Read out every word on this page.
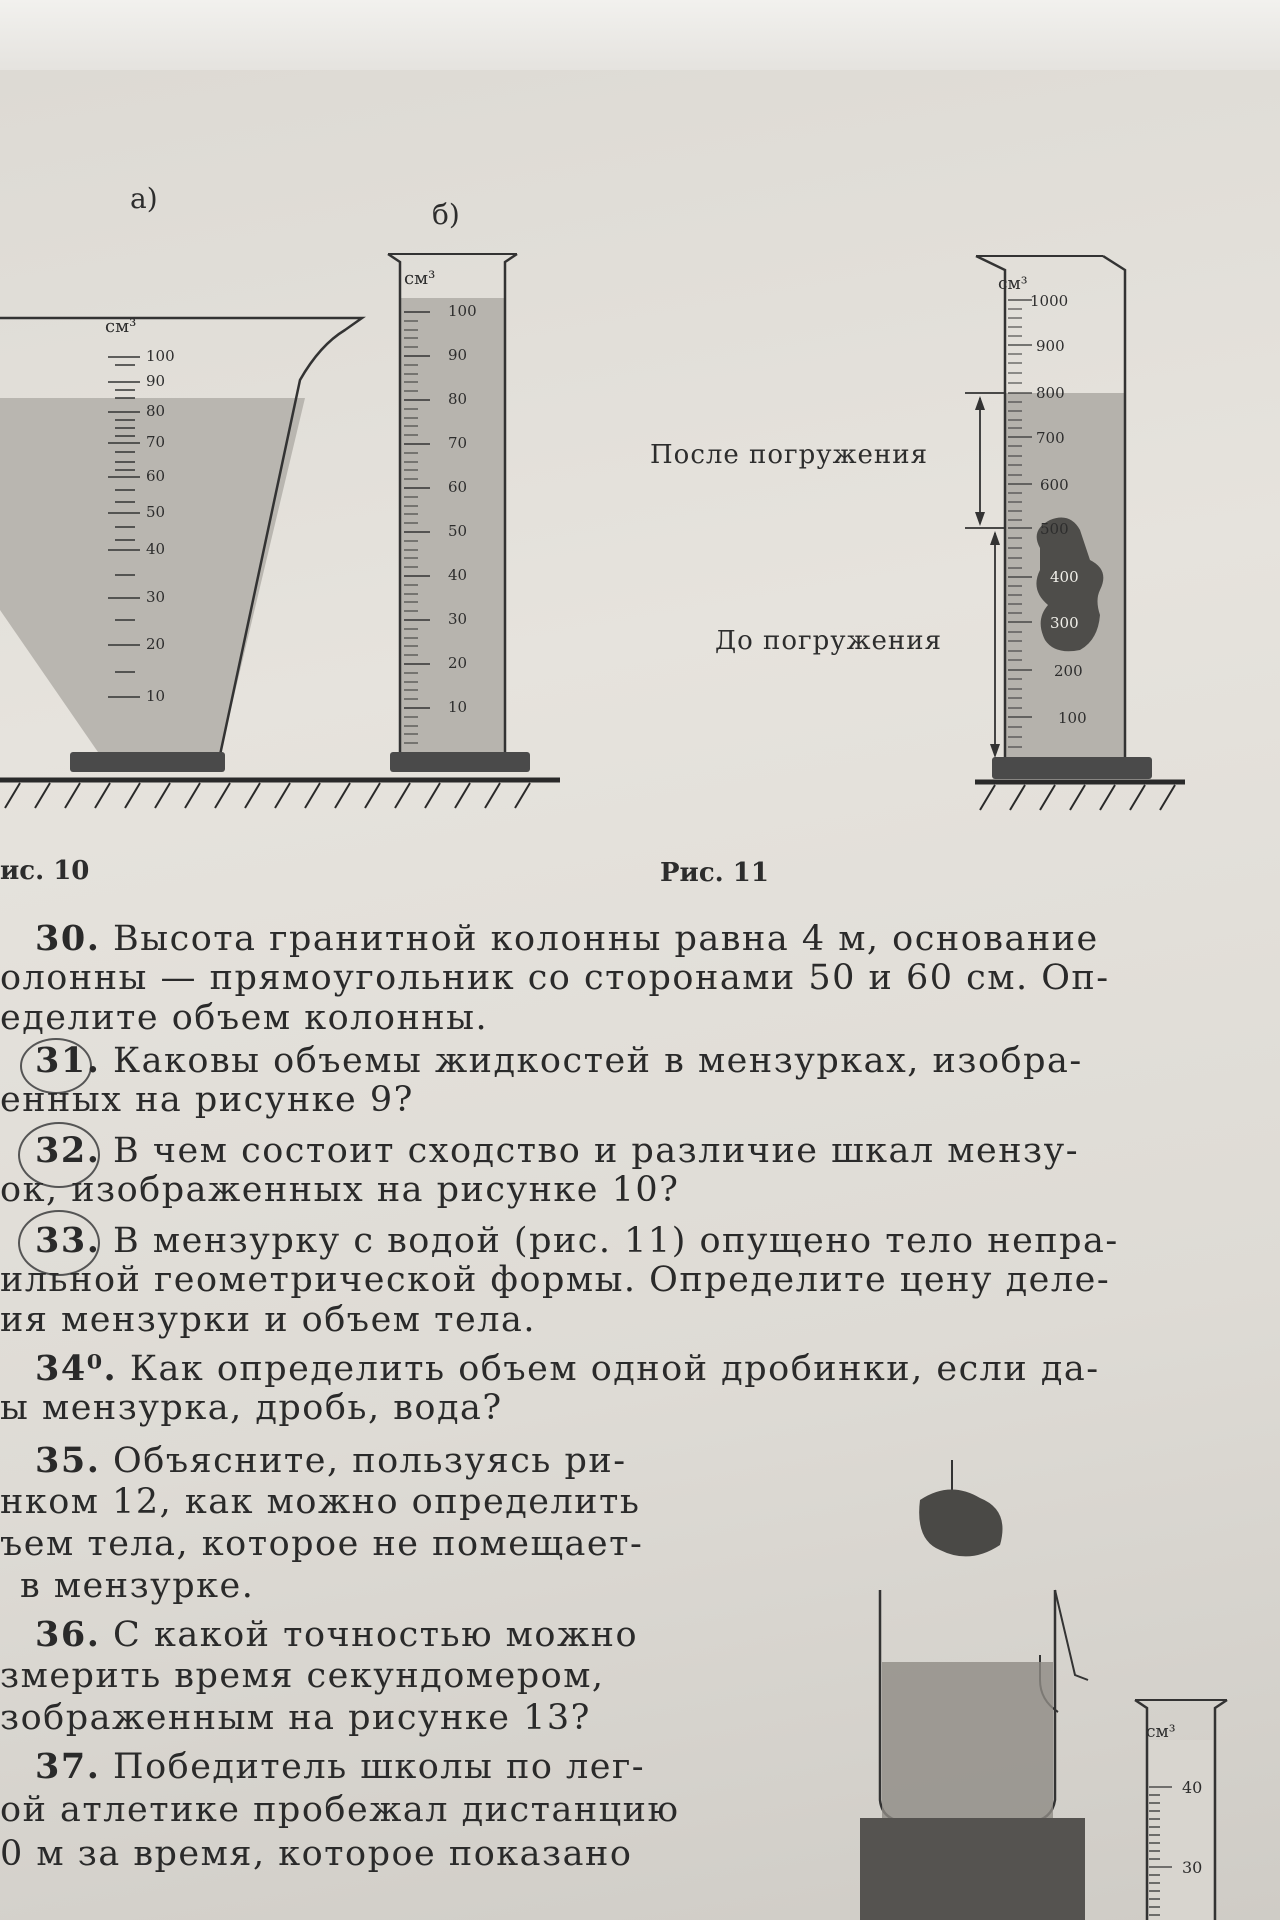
а)	б)
см³
см³
100
90
80
70
60
50
40
30
20
10
100
90
80
70
60
50
40
30
20
10
см³
1000
900
800
700
600
500
400
300
200
100
После погружения
До погружения
ис. 10	Рис. 11
30. Высота гранитной колонны равна 4 м, основание
олонны — прямоугольник со сторонами 50 и 60 см. Оп-
еделите объем колонны.
31. Каковы объемы жидкостей в мензурках, изобра-
енных на рисунке 9?
32. В чем состоит сходство и различие шкал мензу-
ок, изображенных на рисунке 10?
33. В мензурку с водой (рис. 11) опущено тело непра-
ильной геометрической формы. Определите цену деле-
ия мензурки и объем тела.
34⁰. Как определить объем одной дробинки, если да-
ы мензурка, дробь, вода?
35. Объясните, пользуясь ри-
нком 12, как можно определить
ъем тела, которое не помещает-
в мензурке.
36. С какой точностью можно
змерить время секундомером,
зображенным на рисунке 13?
37. Победитель школы по лег-
ой атлетике пробежал дистанцию
0 м за время, которое показано
см³
40
30
